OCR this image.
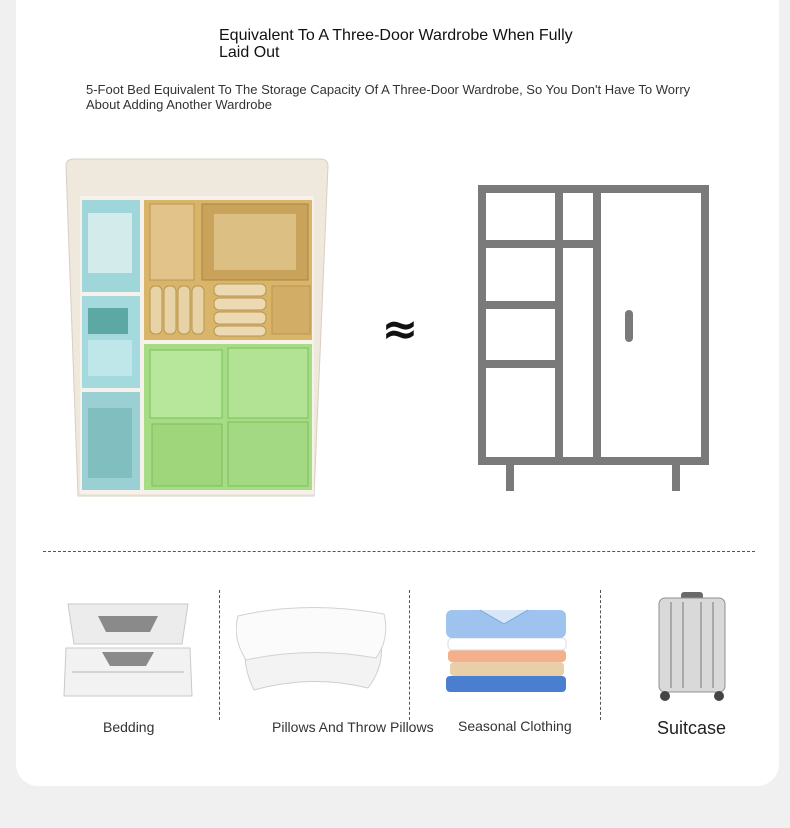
Equivalent To A Three-Door Wardrobe When Fully Laid Out
5-Foot Bed Equivalent To The Storage Capacity Of A Three-Door Wardrobe, So You Don't Have To Worry About Adding Another Wardrobe
≈
Bedding	Pillows And Throw Pillows Seasonal Clothing	Suitcase
